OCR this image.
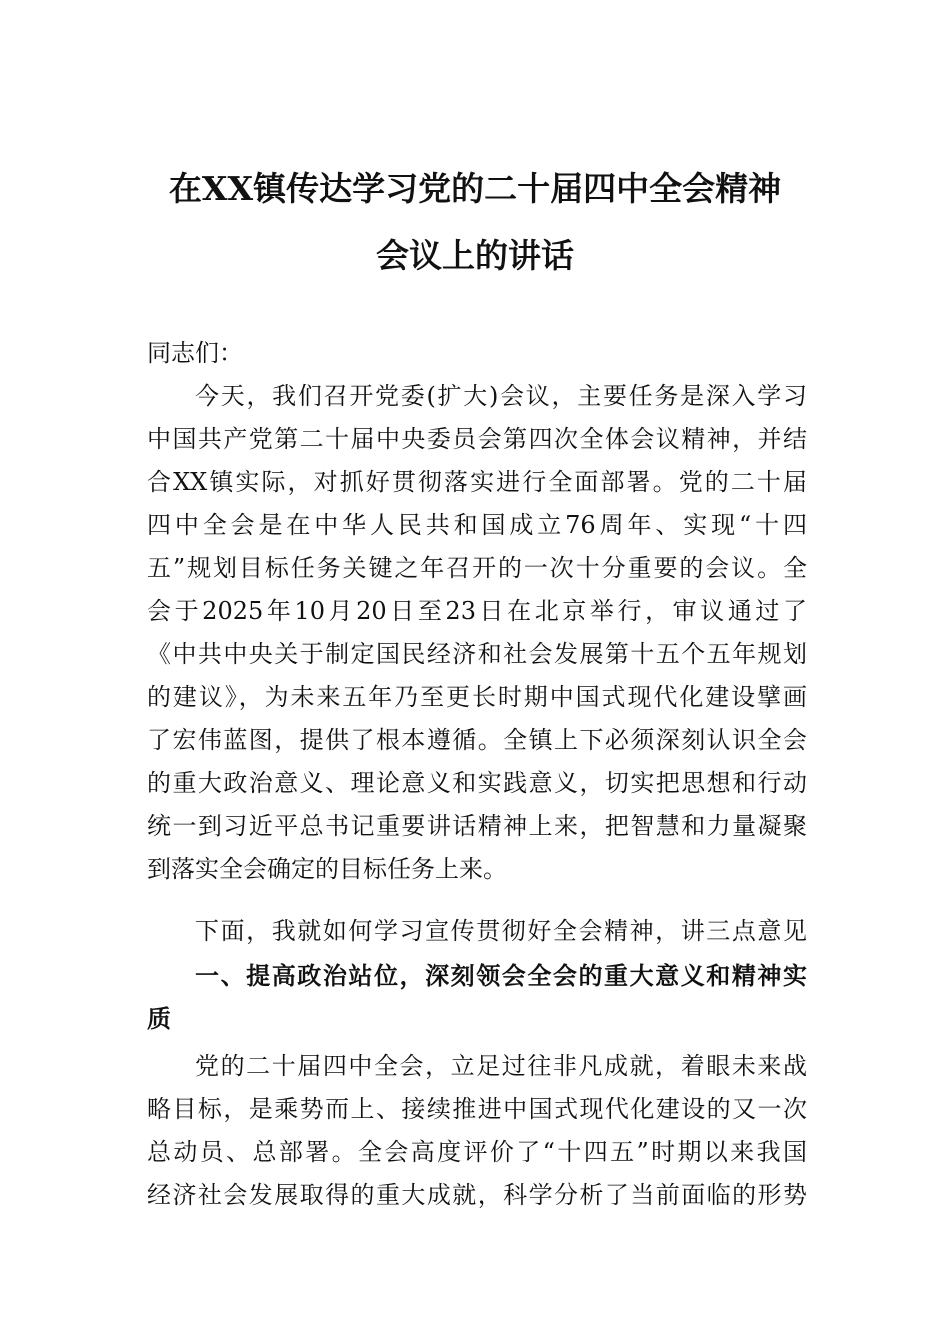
在XX镇传达学习党的二十届四中全会精神
会议上的讲话
同志们：
今天，我们召开党委(扩大)会议，主要任务是深入学习
中国共产党第二十届中央委员会第四次全体会议精神，并结
合XX镇实际，对抓好贯彻落实进行全面部署。党的二十届
四中全会是在中华人民共和国成立76周年、实现“十四
五”规划目标任务关键之年召开的一次十分重要的会议。全
会于2025年10月20日至23日在北京举行，审议通过了
《中共中央关于制定国民经济和社会发展第十五个五年规划
的建议》，为未来五年乃至更长时期中国式现代化建设擘画
了宏伟蓝图，提供了根本遵循。全镇上下必须深刻认识全会
的重大政治意义、理论意义和实践意义，切实把思想和行动
统一到习近平总书记重要讲话精神上来，把智慧和力量凝聚
到落实全会确定的目标任务上来。
下面，我就如何学习宣传贯彻好全会精神，讲三点意见
一、提高政治站位，深刻领会全会的重大意义和精神实
质
党的二十届四中全会，立足过往非凡成就，着眼未来战
略目标，是乘势而上、接续推进中国式现代化建设的又一次
总动员、总部署。全会高度评价了“十四五”时期以来我国
经济社会发展取得的重大成就，科学分析了当前面临的形势
